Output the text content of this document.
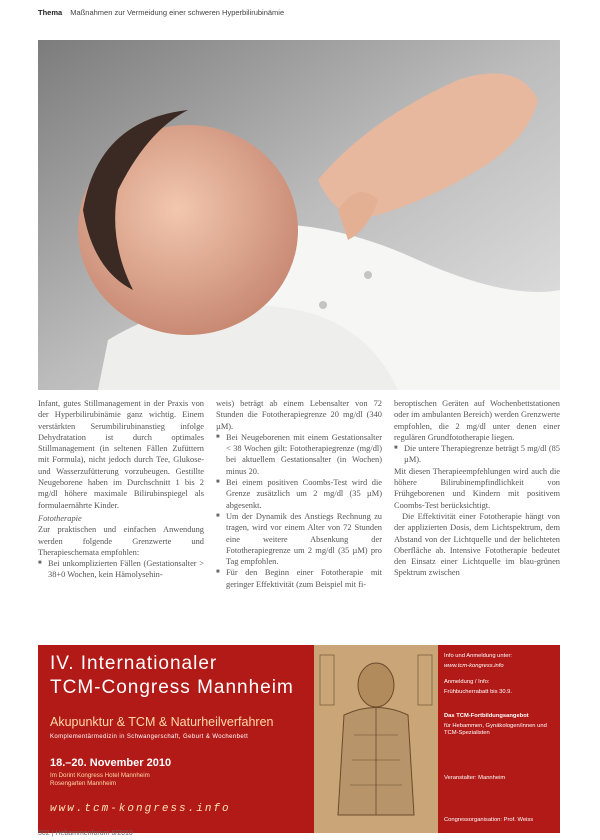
Thema Maßnahmen zur Vermeidung einer schweren Hyperbilirubinämie

Infant, gutes Stillmanagement in der Praxis von der Hyperbilirubinämie ganz wichtig. Einem verstärkten Serumbilirubinanstieg infolge Dehydratation ist durch optimales Stillmanagement (in seltenen Fällen Zufüttern mit Formula), nicht jedoch durch Tee, Glukose- und Wasserzufütterung vorzubeugen. Gestillte Neugeborene haben im Durchschnitt 1 bis 2 mg/dl höhere maximale Bilirubinspiegel als formulaernährte Kinder.

Fototherapie

Zur praktischen und einfachen Anwendung werden folgende Grenzwerte und Therapieschemata empfohlen:

■ Bei unkomplizierten Fällen (Gestationsalter > 38+0 Wochen, kein Hämolysehin-

weis) beträgt ab einem Lebensalter von 72 Stunden die Fototherapiegrenze 20 mg/dl (340 µM).

■ Bei Neugeborenen mit einem Gestationsalter < 38 Wochen gilt: Fototherapiegrenze (mg/dl) bei aktuellem Gestationsalter (in Wochen) minus 20.
■ Bei einem positiven Coombs-Test wird die Grenze zusätzlich um 2 mg/dl (35 µM) abgesenkt.
■ Um der Dynamik des Anstiegs Rechnung zu tragen, wird vor einem Alter von 72 Stunden eine weitere Absenkung der Fototherapiegrenze um 2 mg/dl (35 µM) pro Tag empfohlen.
■ Für den Beginn einer Fototherapie mit geringer Effektivität (zum Beispiel mit fi-

beroptischen Geräten auf Wochenbettstationen oder im ambulanten Bereich) werden Grenzwerte empfohlen, die 2 mg/dl unter denen einer regulären Grundfototherapie liegen.

■ Die untere Therapiegrenze beträgt 5 mg/dl (85 µM).

Mit diesen Therapieempfehlungen wird auch die höhere Bilirubinempfindlichkeit von Frühgeborenen und Kindern mit positivem Coombs-Test berücksichtigt.

Die Effektivität einer Fototherapie hängt von der applizierten Dosis, dem Lichtspektrum, dem Abstand von der Lichtquelle und der belichteten Oberfläche ab. Intensive Fototherapie bedeutet den Einsatz einer Lichtquelle im blau-grünen Spektrum zwischen

IV. Internationaler
TCM-Congress Mannheim
Akupunktur & TCM & Naturheilverfahren
Komplementärmedizin in Schwangerschaft, Geburt & Wochenbett
18.–20. November 2010
Im Dorint Kongress Hotel Mannheim
Rosengarten Mannheim
www.tcm-kongress.info
Info und Anmeldung unter:
www.tcm-kongress.info
Anmeldung / Info:
Frühbucherrabatt bis 30.9.
Das TCM-Fortbildungsangebot
für Hebammen, Gynäkologen/innen und TCM-Spezialisten
Veranstalter: Mannheim
Congressorganisation: Prof. Weiss
502 | Hebammenforum 6/2010
